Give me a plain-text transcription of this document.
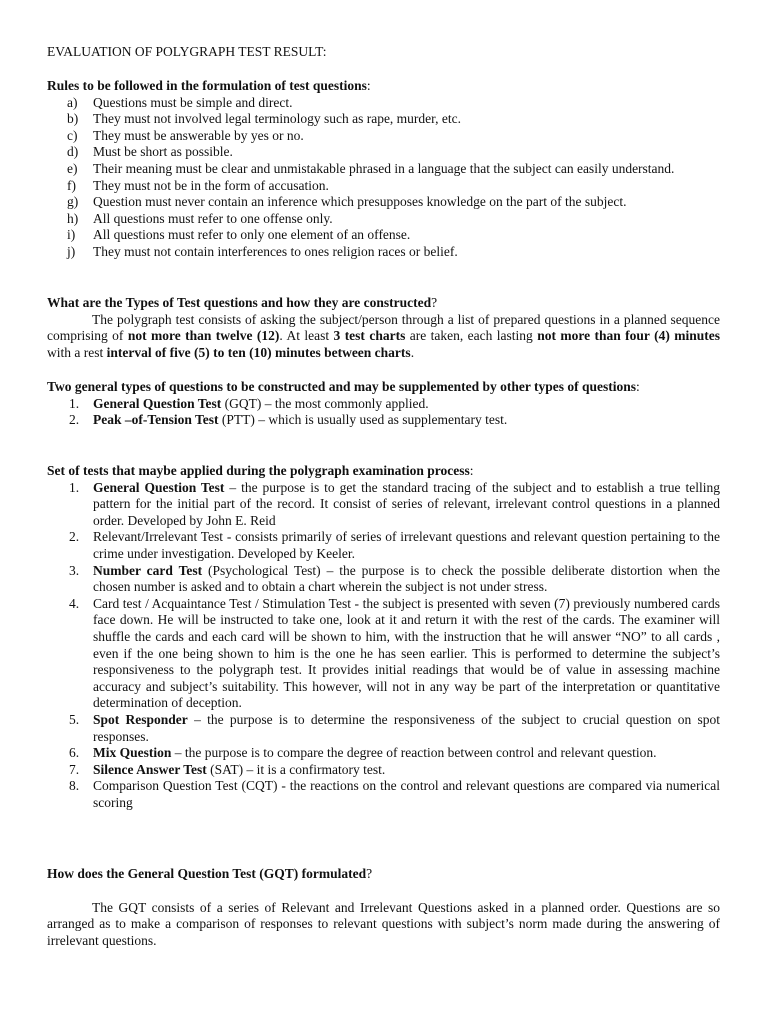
EVALUATION OF POLYGRAPH TEST RESULT:

Rules to be followed in the formulation of test questions:

a) Questions must be simple and direct.
b) They must not involved legal terminology such as rape, murder, etc.
c) They must be answerable by yes or no.
d) Must be short as possible.
e) Their meaning must be clear and unmistakable phrased in a language that the subject can easily understand.
f) They must not be in the form of accusation.
g) Question must never contain an inference which presupposes knowledge on the part of the subject.
h) All questions must refer to one offense only.
i) All questions must refer to only one element of an offense.
j) They must not contain interferences to ones religion races or belief.

What are the Types of Test questions and how they are constructed?

The polygraph test consists of asking the subject/person through a list of prepared questions in a planned sequence comprising of not more than twelve (12). At least 3 test charts are taken, each lasting not more than four (4) minutes with a rest interval of five (5) to ten (10) minutes between charts.

Two general types of questions to be constructed and may be supplemented by other types of questions:

1. General Question Test (GQT) – the most commonly applied.
2. Peak –of-Tension Test (PTT) – which is usually used as supplementary test.

Set of tests that maybe applied during the polygraph examination process:

1. General Question Test – the purpose is to get the standard tracing of the subject and to establish a true telling pattern for the initial part of the record. It consist of series of relevant, irrelevant control questions in a planned order. Developed by John E. Reid
2. Relevant/Irrelevant Test - consists primarily of series of irrelevant questions and relevant question pertaining to the crime under investigation. Developed by Keeler.
3. Number card Test (Psychological Test) – the purpose is to check the possible deliberate distortion when the chosen number is asked and to obtain a chart wherein the subject is not under stress.
4. Card test / Acquaintance Test / Stimulation Test - the subject is presented with seven (7) previously numbered cards face down. He will be instructed to take one, look at it and return it with the rest of the cards. The examiner will shuffle the cards and each card will be shown to him, with the instruction that he will answer “NO” to all cards , even if the one being shown to him is the one he has seen earlier. This is performed to determine the subject’s responsiveness to the polygraph test. It provides initial readings that would be of value in assessing machine accuracy and subject’s suitability. This however, will not in any way be part of the interpretation or quantitative determination of deception.
5. Spot Responder – the purpose is to determine the responsiveness of the subject to crucial question on spot responses.
6. Mix Question – the purpose is to compare the degree of reaction between control and relevant question.
7. Silence Answer Test (SAT) – it is a confirmatory test.
8. Comparison Question Test (CQT) - the reactions on the control and relevant questions are compared via numerical scoring

How does the General Question Test (GQT) formulated?

The GQT consists of a series of Relevant and Irrelevant Questions asked in a planned order. Questions are so arranged as to make a comparison of responses to relevant questions with subject’s norm made during the answering of irrelevant questions.
